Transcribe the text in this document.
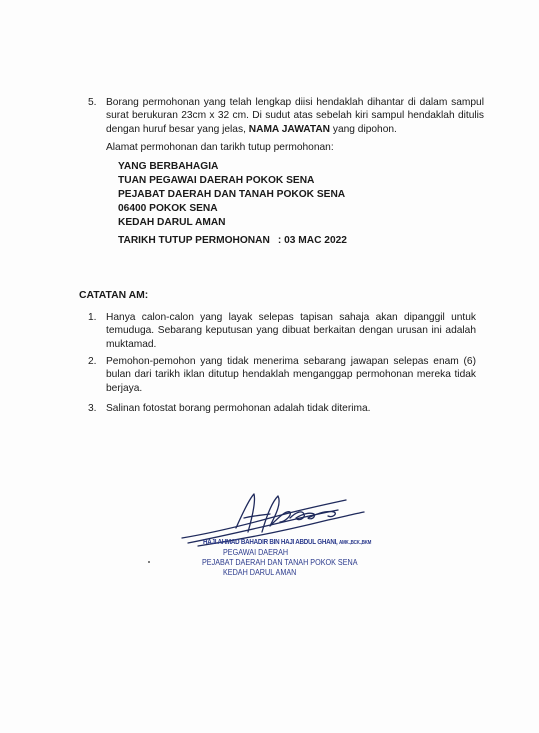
5. Borang permohonan yang telah lengkap diisi hendaklah dihantar di dalam sampul surat berukuran 23cm x 32 cm. Di sudut atas sebelah kiri sampul hendaklah ditulis dengan huruf besar yang jelas, NAMA JAWATAN yang dipohon.
Alamat permohonan dan tarikh tutup permohonan:
YANG BERBAHAGIA
TUAN PEGAWAI DAERAH POKOK SENA
PEJABAT DAERAH DAN TANAH POKOK SENA
06400 POKOK SENA
KEDAH DARUL AMAN
TARIKH TUTUP PERMOHONAN : 03 MAC 2022
CATATAN AM:
1. Hanya calon-calon yang layak selepas tapisan sahaja akan dipanggil untuk temuduga. Sebarang keputusan yang dibuat berkaitan dengan urusan ini adalah muktamad.
2. Pemohon-pemohon yang tidak menerima sebarang jawapan selepas enam (6) bulan dari tarikh iklan ditutup hendaklah menganggap permohonan mereka tidak berjaya.
3. Salinan fotostat borang permohonan adalah tidak diterima.
HAJI AHMAD BAHADIR BIN HAJI ABDUL GHANI, AMK.,BCK.,BKM
PEGAWAI DAERAH
PEJABAT DAERAH DAN TANAH POKOK SENA
KEDAH DARUL AMAN
